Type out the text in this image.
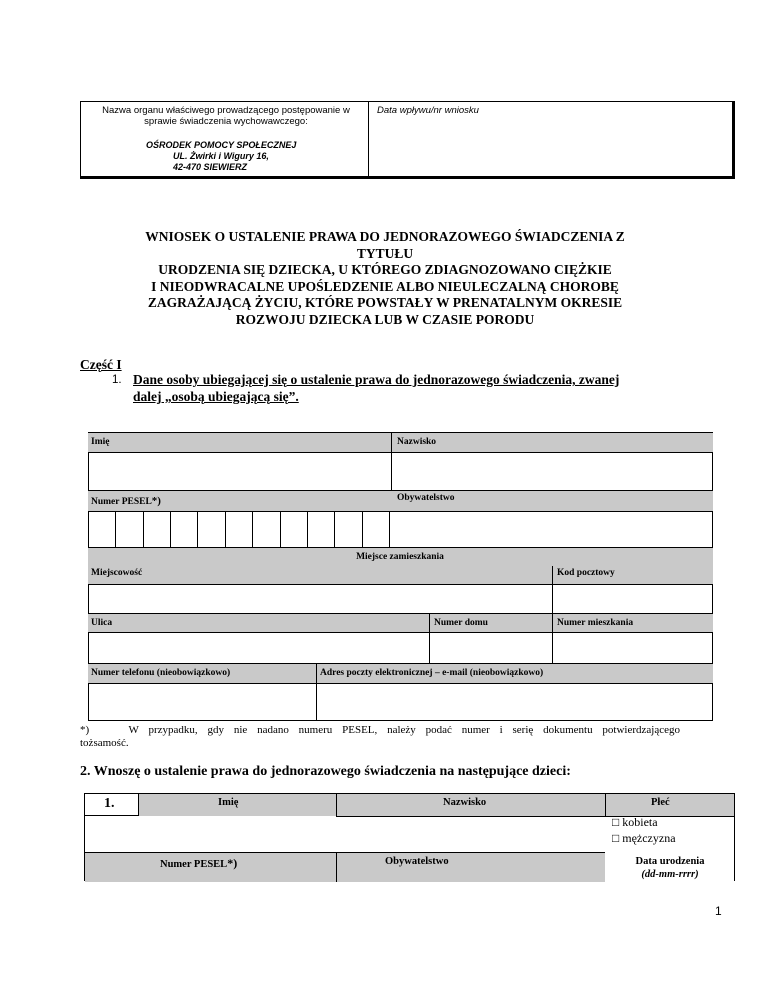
Nazwa organu właściwego prowadzącego postępowanie w sprawie świadczenia wychowawczego:
Data wpływu/nr wniosku
OŚRODEK POMOCY SPOŁECZNEJ
UL. Żwirki i Wigury 16,
42-470 SIEWIERZ
WNIOSEK O USTALENIE PRAWA DO JEDNORAZOWEGO ŚWIADCZENIA Z
TYTUŁU
URODZENIA SIĘ DZIECKA, U KTÓREGO ZDIAGNOZOWANO CIĘŻKIE
I NIEODWRACALNE UPOŚLEDZENIE ALBO NIEULECZALNĄ CHOROBĘ
ZAGRAŻAJĄCĄ ŻYCIU, KTÓRE POWSTAŁY W PRENATALNYM OKRESIE
ROZWOJU DZIECKA LUB W CZASIE PORODU
Część I
1. Dane osoby ubiegającej się o ustalenie prawa do jednorazowego świadczenia, zwanej
dalej „osobą ubiegającą się”.
Imię	Nazwisko
Numer PESEL*)	Obywatelstwo
Miejsce zamieszkania
Miejscowość	Kod pocztowy
Ulica	Numer domu	Numer mieszkania
Numer telefonu (nieobowiązkowo)	Adres poczty elektronicznej – e-mail (nieobowiązkowo)
*)	W przypadku, gdy nie nadano numeru PESEL, należy podać numer i serię dokumentu potwierdzającego
tożsamość.
2. Wnoszę o ustalenie prawa do jednorazowego świadczenia na następujące dzieci:
1.	Imię	Nazwisko	Płeć
□ kobieta
□ mężczyzna
Numer PESEL*)	Obywatelstwo	Data urodzenia
(dd-mm-rrrr)
1
